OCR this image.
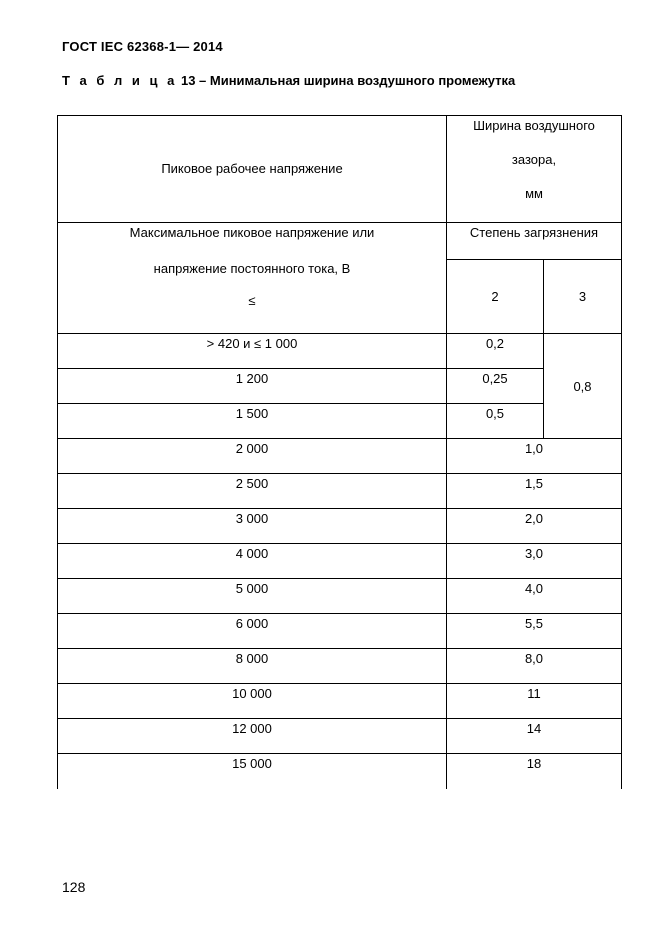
ГОСТ IEC 62368-1— 2014
Т а б л и ц а 13 – Минимальная ширина воздушного промежутка
Пиковое рабочее напряжение	Ширина воздушного
зазора,
мм	

Максимальное пиковое напряжение или
напряжение постоянного тока, В
≤	Степень загрязнения	
	2	3
> 420 и ≤ 1 000	0,2	0,8
1 200	0,25	
1 500	0,5	
2 000	1,0	
2 500	1,5	
3 000	2,0	
4 000	3,0	
5 000	4,0	
6 000	5,5	
8 000	8,0	
10 000	11	
12 000	14	
15 000	18	
128
